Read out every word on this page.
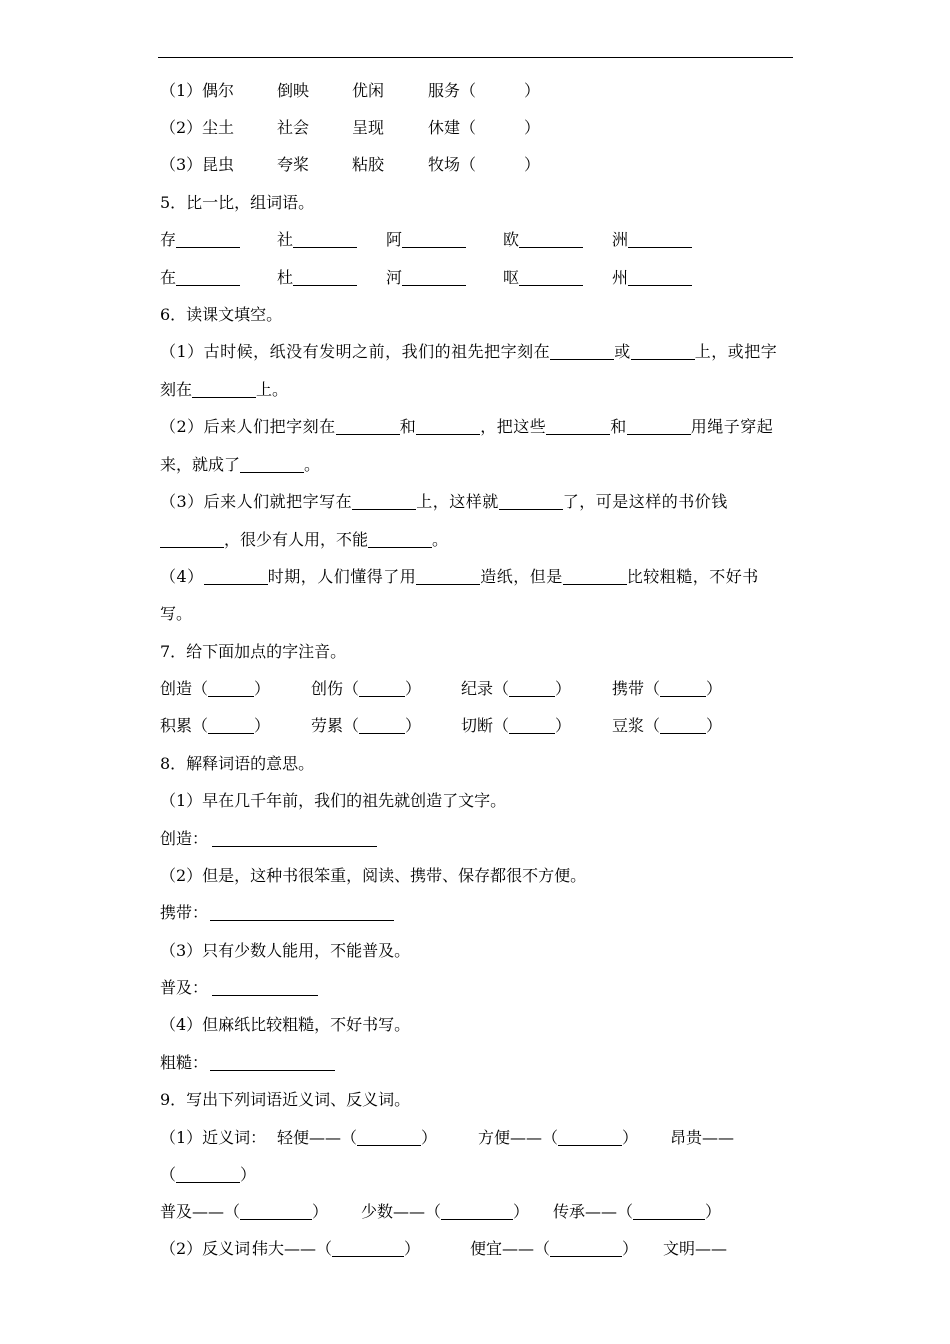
（1） 偶尔	倒映	优闲	服务（	）
（2） 尘土	社会	呈现	休建（	）
（3） 昆虫	夸桨	粘胶	牧场（	）
5．比一比，组词语。
存	社	阿	欧	洲
在	杜	河	呕	州
6．读课文填空。
（1）古时候，纸没有发明之前，我们的祖先把字刻在	或	上，或把字
刻在	上。
（2）后来人们把字刻在	和	，把这些	和	用绳子穿起
来，就成了	。
（3）后来人们就把字写在	上，这样就	了，可是这样的书价钱
，很少有人用，不能	。
（4）	时期，人们懂得了用	造纸，但是	比较粗糙，不好书
写。
7．给下面加点的字注音。
创造（	）	创伤（	） 纪录（	）	携带（	）
积累（	）	劳累（	） 切断（	）	豆浆（	）
8．解释词语的意思。
（1）早在几千年前，我们的祖先就创造了文字。
创造：
（2）但是，这种书很笨重，阅读、携带、保存都很不方便。
携带：
（3）只有少数人能用，不能普及。
普及：
（4）但麻纸比较粗糙，不好书写。
粗糙：
9．写出下列词语近义词、反义词。
（1）近义词： 轻便——（	）	方便——（	） 昂贵——
（	）
普及——（	） 少数——（	） 传承——（	）
（2）反义词：
伟大——（	）	便宜——（	） 文明——
